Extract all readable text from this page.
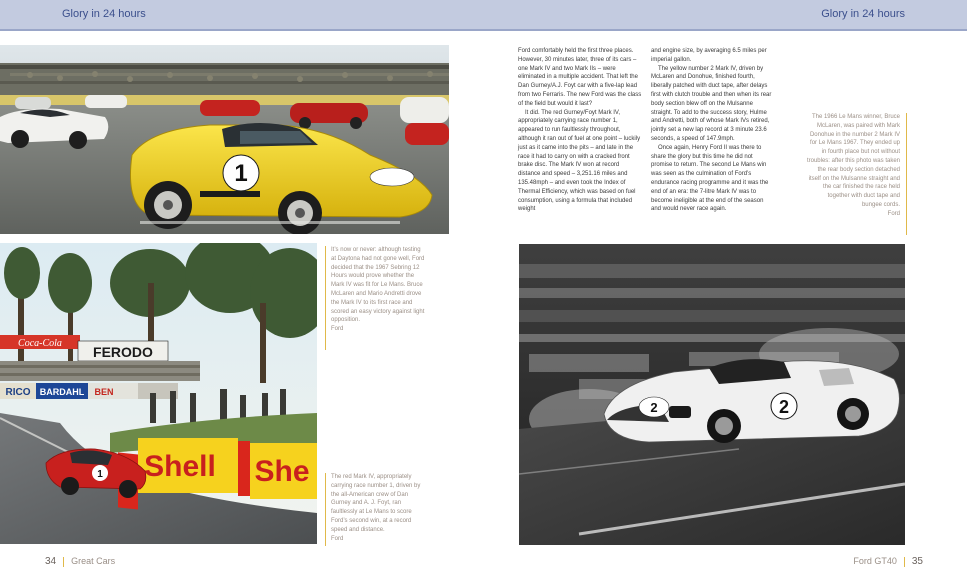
Glory in 24 hours	Glory in 24 hours
1
Coca-Cola
FERODO
RICO BARDAHL BEN
Shell She
1
2	2
It’s now or never: although testing at Daytona had not gone well, Ford decided that the 1967 Sebring 12 Hours would prove whether the Mark IV was fit for Le Mans. Bruce McLaren and Mario Andretti drove the Mark IV to its first race and scored an easy victory against light opposition.
Ford
The red Mark IV, appropriately carrying race number 1, driven by the all-American crew of Dan Gurney and A. J. Foyt, ran faultlessly at Le Mans to score Ford’s second win, at a record speed and distance.
Ford
The 1966 Le Mans winner, Bruce McLaren, was paired with Mark Donohue in the number 2 Mark IV for Le Mans 1967. They ended up in fourth place but not without troubles: after this photo was taken the rear body section detached itself on the Mulsanne straight and the car finished the race held together with duct tape and bungee cords.
Ford

Ford comfortably held the first three places. However, 30 minutes later, three of its cars – one Mark IV and two Mark IIs – were eliminated in a multiple accident. That left the Dan Gurney/A.J. Foyt car with a five-lap lead from two Ferraris. The new Ford was the class of the field but would it last?

It did. The red Gurney/Foyt Mark IV, appropriately carrying race number 1, appeared to run faultlessly throughout, although it ran out of fuel at one point – luckily just as it came into the pits – and late in the race it had to carry on with a cracked front brake disc. The Mark IV won at record distance and speed – 3,251.16 miles and 135.48mph – and even took the Index of Thermal Efficiency, which was based on fuel consumption, using a formula that included weight

and engine size, by averaging 6.5 miles per imperial gallon.

The yellow number 2 Mark IV, driven by McLaren and Donohue, finished fourth, liberally patched with duct tape, after delays first with clutch trouble and then when its rear body section blew off on the Mulsanne straight. To add to the success story, Hulme and Andretti, both of whose Mark IVs retired, jointly set a new lap record at 3 minute 23.6 seconds, a speed of 147.9mph.

Once again, Henry Ford II was there to share the glory but this time he did not promise to return. The second Le Mans win was seen as the culmination of Ford’s endurance racing programme and it was the end of an era: the 7-litre Mark IV was to become ineligible at the end of the season and would never race again.

34 Great Cars	Ford GT40 35
